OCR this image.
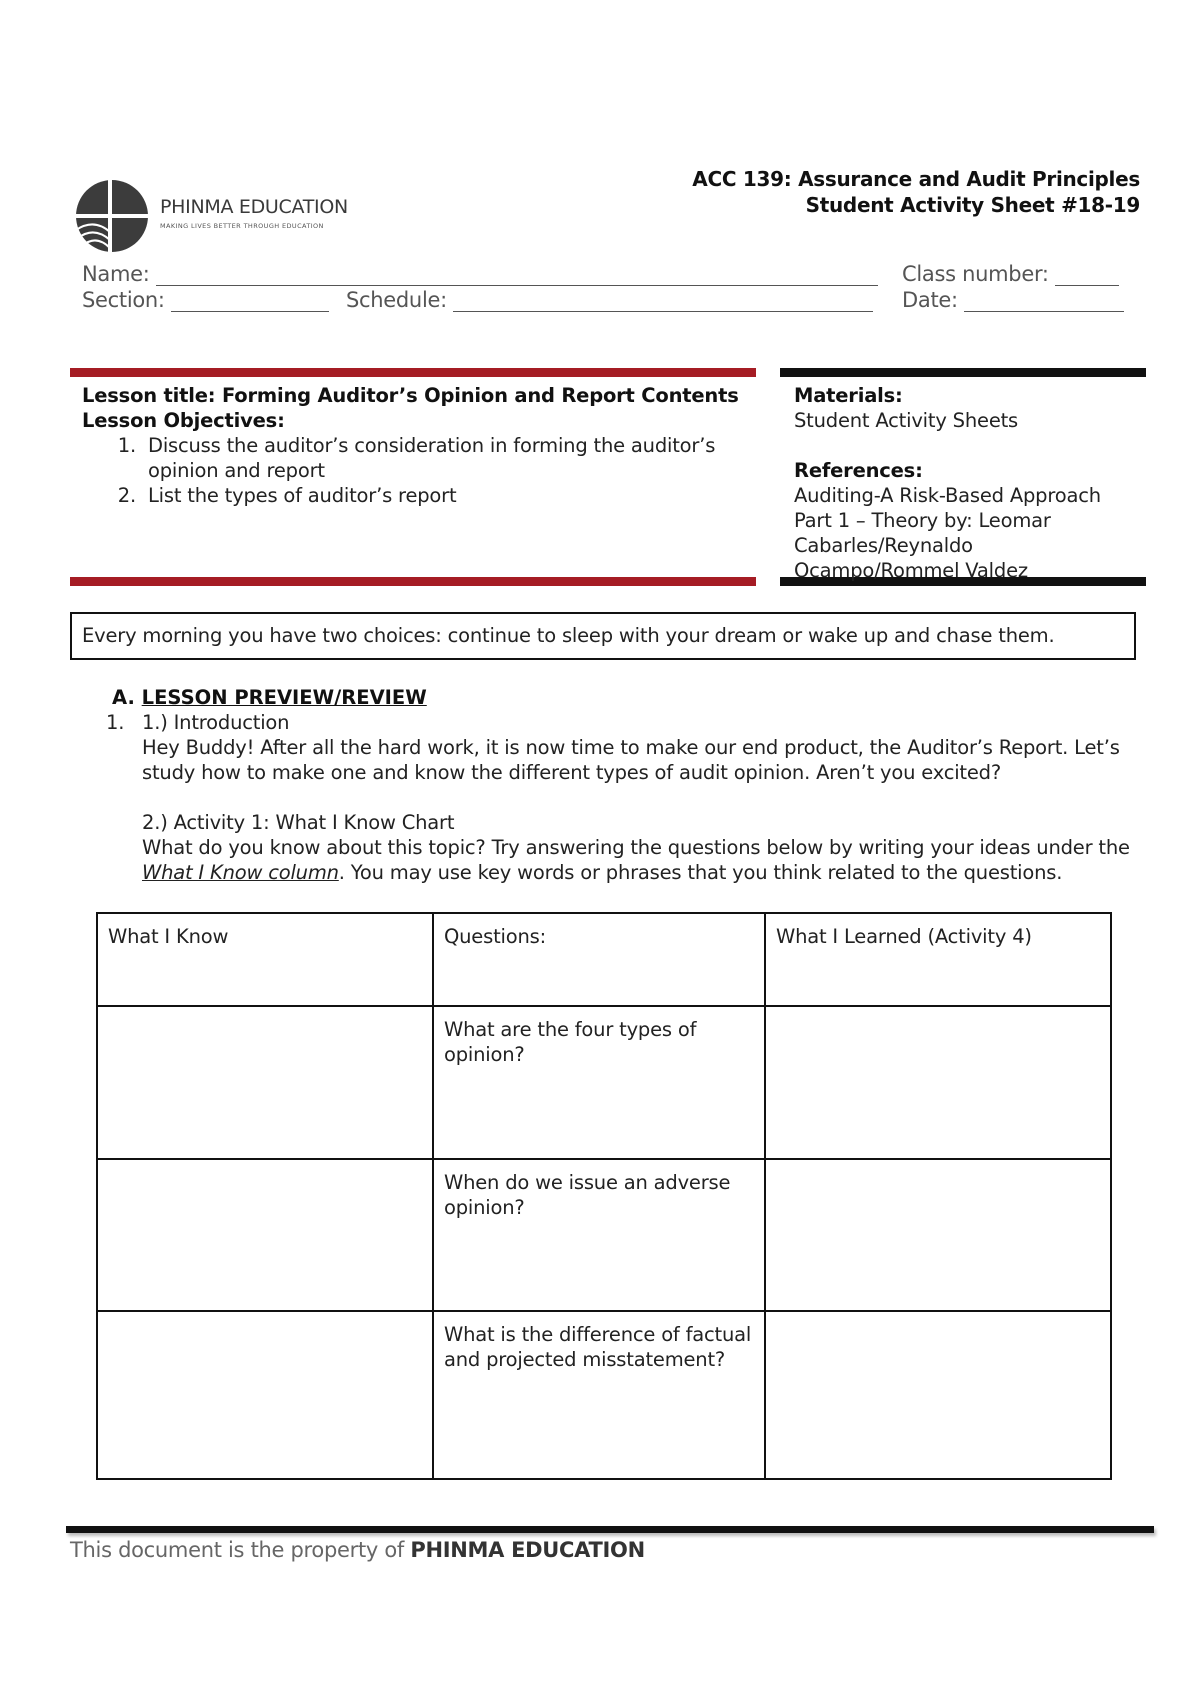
PHINMA EDUCATION
MAKING LIVES BETTER THROUGH EDUCATION
ACC 139: Assurance and Audit Principles
Student Activity Sheet #18-19
Name:	Class number:
Section:	Schedule:	Date:
Lesson title: Forming Auditor’s Opinion and Report Contents
Lesson Objectives:
1. Discuss the auditor’s consideration in forming the auditor’s opinion and report
2. List the types of auditor’s report
Materials:
Student Activity Sheets
References:
Auditing-A Risk-Based Approach Part 1 – Theory by: Leomar Cabarles/Reynaldo Ocampo/Rommel Valdez
Every morning you have two choices: continue to sleep with your dream or wake up and chase them.
A. LESSON PREVIEW/REVIEW
1. 1.) Introduction
Hey Buddy! After all the hard work, it is now time to make our end product, the Auditor’s Report. Let’s study how to make one and know the different types of audit opinion. Aren’t you excited?
2.) Activity 1: What I Know Chart
What do you know about this topic? Try answering the questions below by writing your ideas under the What I Know column. You may use key words or phrases that you think related to the questions.
What I Know	Questions:	What I Learned (Activity 4)
	What are the four types of opinion?	
	When do we issue an adverse opinion?	
	What is the difference of factual and projected misstatement?	
This document is the property of PHINMA EDUCATION
